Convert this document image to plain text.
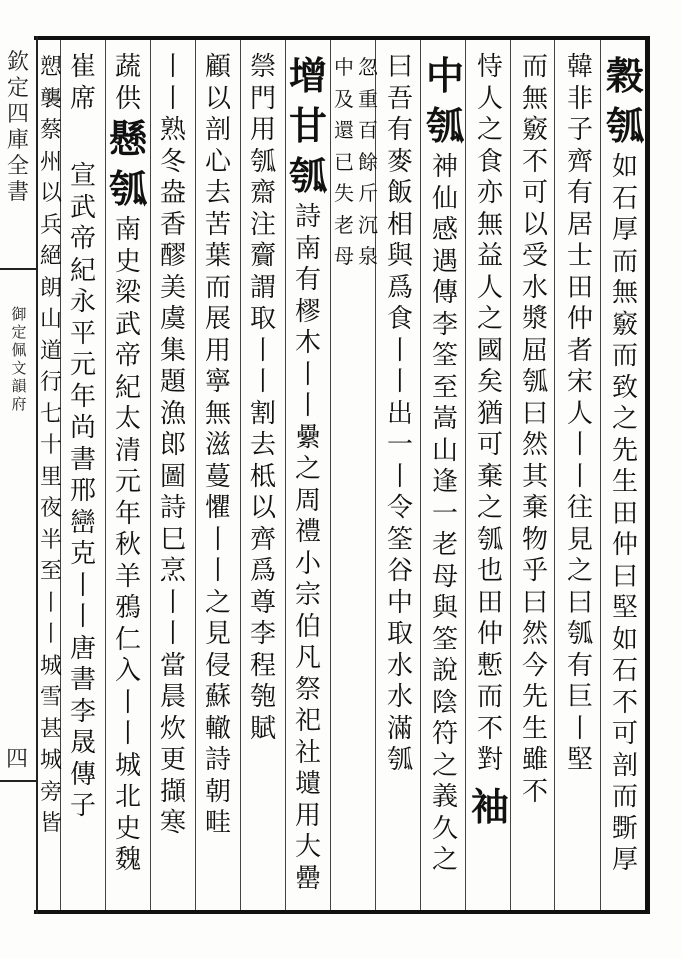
欽
定
四
庫
全
書
御
定
佩
文
韻
府
四
穀
瓠
如
石
厚
而
無
竅
而
致
之
先
生
田
仲
曰
堅
如
石
不
可
剖
而
斲
厚
韓
非
子
齊
有
居
士
田
仲
者
宋
人
丨
丨
往
見
之
曰
瓠
有
巨
丨
堅
而
無
竅
不
可
以
受
水
漿
屈
瓠
曰
然
其
棄
物
乎
曰
然
今
先
生
雖
不
恃
人
之
食
亦
無
益
人
之
國
矣
猶
可
棄
之
瓠
也
田
仲
慙
而
不
對
袖
中
瓠
神
仙
感
遇
傳
李
筌
至
嵩
山
逢
一
老
母
與
筌
說
陰
符
之
義
久
之
曰
吾
有
麥
飯
相
與
爲
食
丨
丨
出
一
丨
令
筌
谷
中
取
水
水
滿
瓠
忽
重
百
餘
斤
沉
泉
中
及
還
已
失
老
母
增
甘
瓠
詩
南
有
樛
木
丨
丨
纍
之
周
禮
小
宗
伯
凡
祭
祀
社
壝
用
大
罍
禜
門
用
瓠
齋
注
齎
謂
取
丨
丨
割
去
柢
以
齊
爲
尊
李
程
匏
賦
顧
以
剖
心
去
苦
葉
而
展
用
寧
無
滋
蔓
懼
丨
丨
之
見
侵
蘇
轍
詩
朝
畦
丨
丨
熟
冬
盎
香
醪
美
虞
集
題
漁
郎
圖
詩
巳
烹
丨
丨
當
晨
炊
更
擷
寒
蔬
供
懸
瓠
南
史
梁
武
帝
紀
太
清
元
年
秋
羊
鴉
仁
入
丨
丨
城
北
史
魏
崔
席
宣
武
帝
紀
永
平
元
年
尚
書
邢
巒
克
丨
丨
唐
書
李
晟
傳
子
愬
襲
蔡
州
以
兵
絕
朗
山
道
行
七
十
里
夜
半
至
丨
丨
城
雪
甚
城
旁
皆
